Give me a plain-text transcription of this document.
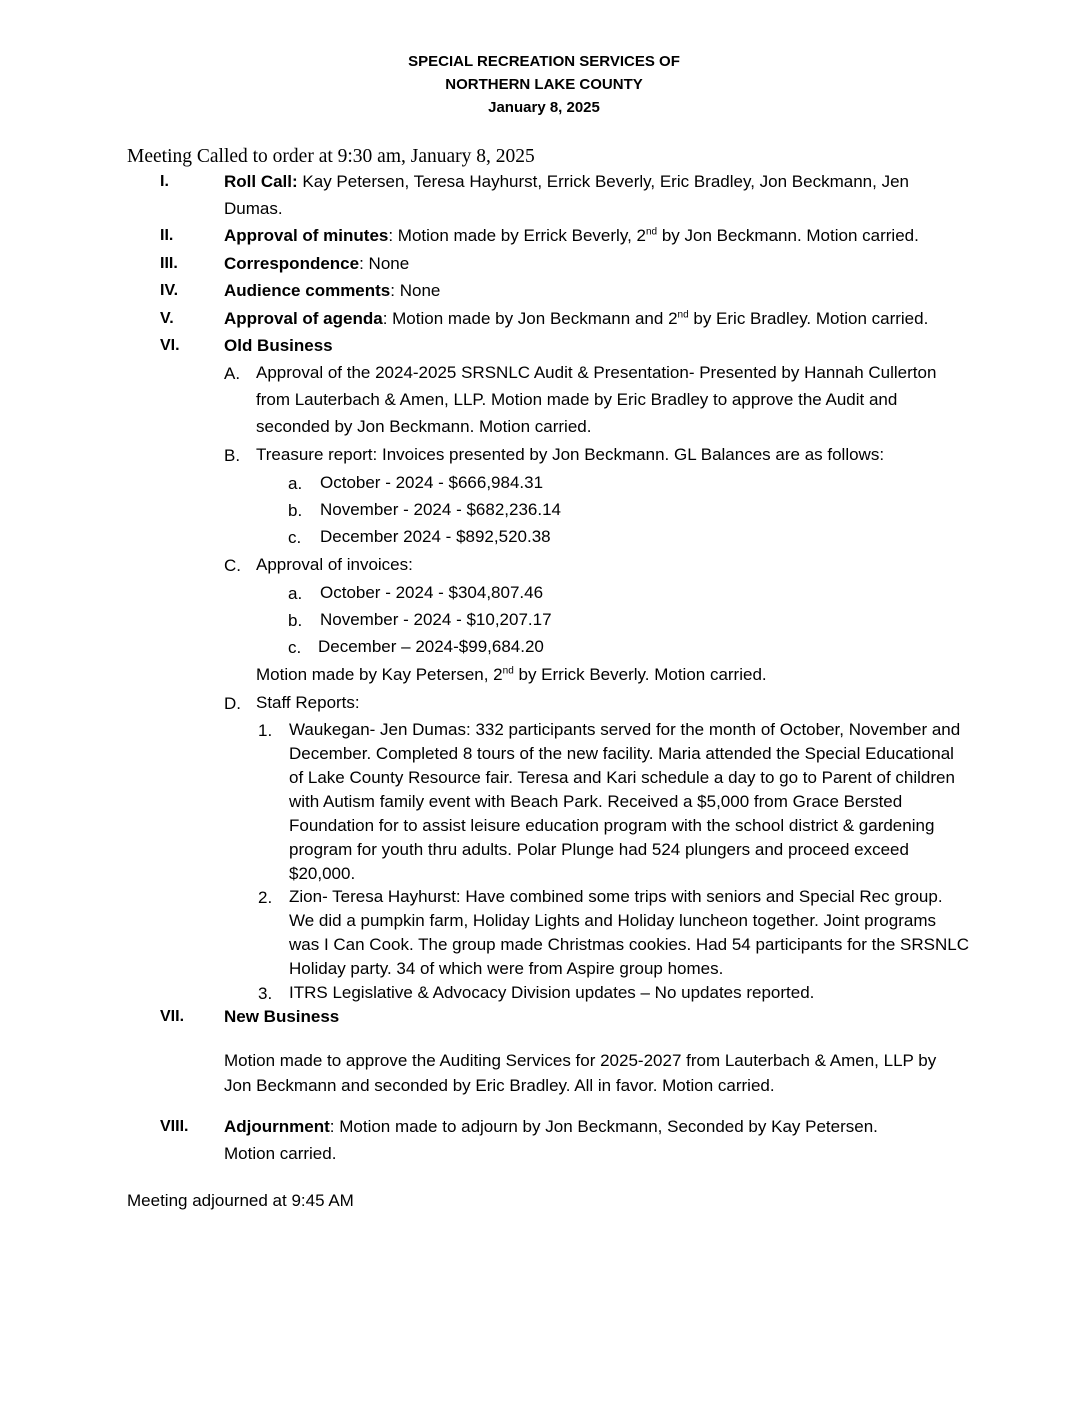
SPECIAL RECREATION SERVICES OF
NORTHERN LAKE COUNTY
January 8, 2025
Meeting Called to order at 9:30 am, January 8, 2025
I.	Roll Call: Kay Petersen, Teresa Hayhurst, Errick Beverly, Eric Bradley, Jon Beckmann, Jen Dumas.
II.	Approval of minutes: Motion made by Errick Beverly, 2nd by Jon Beckmann. Motion carried.
III.	Correspondence: None
IV.	Audience comments: None
V.	Approval of agenda: Motion made by Jon Beckmann and 2nd by Eric Bradley. Motion carried.
VI.	Old Business
A. Approval of the 2024-2025 SRSNLC Audit & Presentation- Presented by Hannah Cullerton from Lauterbach & Amen, LLP. Motion made by Eric Bradley to approve the Audit and seconded by Jon Beckmann. Motion carried.
B. Treasure report: Invoices presented by Jon Beckmann. GL Balances are as follows:
a. October - 2024 - $666,984.31
b. November - 2024 - $682,236.14
c. December 2024 - $892,520.38
C. Approval of invoices:
a. October - 2024 - $304,807.46
b. November - 2024 - $10,207.17
c. December – 2024-$99,684.20
Motion made by Kay Petersen, 2nd by Errick Beverly. Motion carried.
D. Staff Reports:
1. Waukegan- Jen Dumas: 332 participants served for the month of October, November and December. Completed 8 tours of the new facility. Maria attended the Special Educational of Lake County Resource fair. Teresa and Kari schedule a day to go to Parent of children with Autism family event with Beach Park. Received a $5,000 from Grace Bersted Foundation for to assist leisure education program with the school district & gardening program for youth thru adults. Polar Plunge had 524 plungers and proceed exceed $20,000.
2. Zion- Teresa Hayhurst: Have combined some trips with seniors and Special Rec group. We did a pumpkin farm, Holiday Lights and Holiday luncheon together. Joint programs was I Can Cook. The group made Christmas cookies. Had 54 participants for the SRSNLC Holiday party. 34 of which were from Aspire group homes.
3. ITRS Legislative & Advocacy Division updates – No updates reported.
VII. New Business
Motion made to approve the Auditing Services for 2025-2027 from Lauterbach & Amen, LLP by Jon Beckmann and seconded by Eric Bradley. All in favor. Motion carried.
VIII. Adjournment: Motion made to adjourn by Jon Beckmann, Seconded by Kay Petersen. Motion carried.
Meeting adjourned at 9:45 AM
